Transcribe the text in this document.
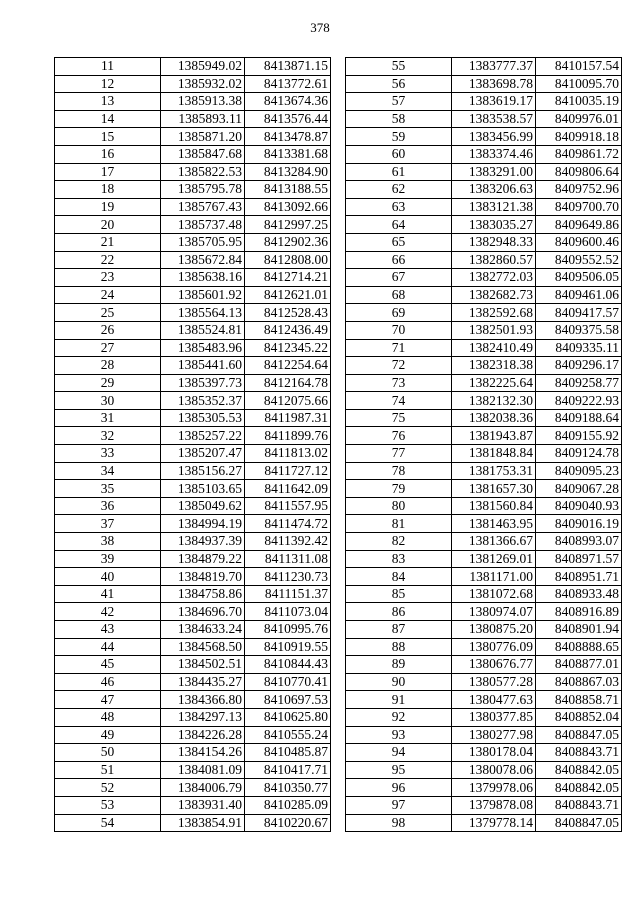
378
11	1385949.02	8413871.15
12	1385932.02	8413772.61
13	1385913.38	8413674.36
14	1385893.11	8413576.44
15	1385871.20	8413478.87
16	1385847.68	8413381.68
17	1385822.53	8413284.90
18	1385795.78	8413188.55
19	1385767.43	8413092.66
20	1385737.48	8412997.25
21	1385705.95	8412902.36
22	1385672.84	8412808.00
23	1385638.16	8412714.21
24	1385601.92	8412621.01
25	1385564.13	8412528.43
26	1385524.81	8412436.49
27	1385483.96	8412345.22
28	1385441.60	8412254.64
29	1385397.73	8412164.78
30	1385352.37	8412075.66
31	1385305.53	8411987.31
32	1385257.22	8411899.76
33	1385207.47	8411813.02
34	1385156.27	8411727.12
35	1385103.65	8411642.09
36	1385049.62	8411557.95
37	1384994.19	8411474.72
38	1384937.39	8411392.42
39	1384879.22	8411311.08
40	1384819.70	8411230.73
41	1384758.86	8411151.37
42	1384696.70	8411073.04
43	1384633.24	8410995.76
44	1384568.50	8410919.55
45	1384502.51	8410844.43
46	1384435.27	8410770.41
47	1384366.80	8410697.53
48	1384297.13	8410625.80
49	1384226.28	8410555.24
50	1384154.26	8410485.87
51	1384081.09	8410417.71
52	1384006.79	8410350.77
53	1383931.40	8410285.09
54	1383854.91	8410220.67
55	1383777.37	8410157.54
56	1383698.78	8410095.70
57	1383619.17	8410035.19
58	1383538.57	8409976.01
59	1383456.99	8409918.18
60	1383374.46	8409861.72
61	1383291.00	8409806.64
62	1383206.63	8409752.96
63	1383121.38	8409700.70
64	1383035.27	8409649.86
65	1382948.33	8409600.46
66	1382860.57	8409552.52
67	1382772.03	8409506.05
68	1382682.73	8409461.06
69	1382592.68	8409417.57
70	1382501.93	8409375.58
71	1382410.49	8409335.11
72	1382318.38	8409296.17
73	1382225.64	8409258.77
74	1382132.30	8409222.93
75	1382038.36	8409188.64
76	1381943.87	8409155.92
77	1381848.84	8409124.78
78	1381753.31	8409095.23
79	1381657.30	8409067.28
80	1381560.84	8409040.93
81	1381463.95	8409016.19
82	1381366.67	8408993.07
83	1381269.01	8408971.57
84	1381171.00	8408951.71
85	1381072.68	8408933.48
86	1380974.07	8408916.89
87	1380875.20	8408901.94
88	1380776.09	8408888.65
89	1380676.77	8408877.01
90	1380577.28	8408867.03
91	1380477.63	8408858.71
92	1380377.85	8408852.04
93	1380277.98	8408847.05
94	1380178.04	8408843.71
95	1380078.06	8408842.05
96	1379978.06	8408842.05
97	1379878.08	8408843.71
98	1379778.14	8408847.05
